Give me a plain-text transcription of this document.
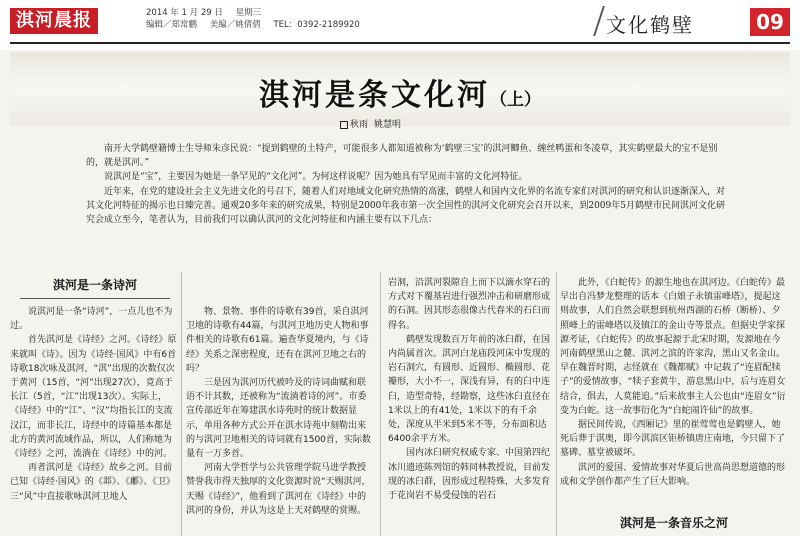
淇河晨报	2014 年 1 月 29 日 星期三
编辑／郑常鹏 美编／姚倩倩 TEL：0392-2189920	文化鹤壁	09
淇河是条文化河（上）
秋雨 姚慧明

南开大学鹤壁籍博士生导师朱彦民说：“提到鹤壁的土特产，可能很多人都知道被称为‘鹤壁三宝’的淇河鲫鱼、缠丝鸭蛋和冬凌草，其实鹤壁最大的宝不是别的，就是淇河。”

说淇河是“宝”，主要因为她是一条罕见的“文化河”。为何这样说呢？因为她具有罕见而丰富的文化河特征。

近年来，在党的建设社会主义先进文化的号召下，随着人们对地域文化研究热情的高涨，鹤壁人和国内文化界的名流专家们对淇河的研究和认识逐渐深入，对其文化河特征的揭示也日臻完善。通观20多年来的研究成果，特别是2000年我市第一次全国性的淇河文化研究会召开以来，到2009年5月鹤壁市民间淇河文化研究会成立至今，笔者认为，目前我们可以确认淇河的文化河特征和内涵主要有以下几点：

淇河是一条诗河

说淇河是一条“诗河”，一点儿也不为过。

首先淇河是《诗经》之河。《诗经》原来就叫《诗》。因为《诗经·国风》中有6首诗歌18次咏及淇河，“淇”出现的次数仅次于黄河（15首，“河”出现27次），竟高于长江（5首，“江”出现13次）。实际上，《诗经》中的“江”、“汉”均指长江的支流汉江，而非长江，诗经中的诗篇基本都是北方的黄河流域作品，所以，人们称她为《诗经》之河，流淌在《诗经》中的河。

再者淇河是《诗经》故乡之河。目前已知《诗经·国风》的《邶》、《鄘》、《卫》三“风”中直接歌咏淇河卫地人

物、景物、事件的诗歌有39首，采自淇河卫地的诗歌有44篇，与淇河卫地历史人物和事件相关的诗歌有61篇。遍查华夏境内，与《诗经》关系之深密程度，还有在淇河卫地之右的吗？

三是因为淇河历代被吟及的诗词曲赋和联语不计其数，还被称为“流淌着诗的河”。市委宣传部近年在筹建淇水诗苑时的统计数据显示，单用各种方式公开在淇水诗苑中刻勒出来的与淇河卫地相关的诗词就有1500首，实际数量有一万多首。

河南大学哲学与公共管理学院马进学教授赞誉我市得天独厚的文化资源时说“天赐淇河，天赐《诗经》”，他看到了淇河在《诗经》中的淇河的身份，并认为这是上天对鹤壁的赏赐。

岩洞，沿淇河裂隙自上而下以滴水穿石的方式对下覆基岩进行强烈冲击和研磨形成的石洞。因其形态很像古代春米的石臼而得名。

鹤壁发现数百万年前的冰臼群，在国内尚属首次。淇河白龙庙段河床中发现的岩石洞穴，有圆形、近圆形、椭圆形、花瓣形，大小不一，深浅有异，有的臼中连臼，造型奇特，经勘察，这些冰臼直径在1米以上的有41处，1米以下的有千余处，深度从半米到5米不等，分布面积达6400余平方米。

国内冰臼研究权威专家、中国第四纪冰川遗迹陈列馆的韩同林教授说，目前发现的冰臼群，因形成过程特殊，大多发育于花岗岩不易受侵蚀的岩石

此外，《白蛇传》的源生地也在淇河边。《白蛇传》最早出自冯梦龙整理的话本《白娘子永镇雷峰塔》，提起这则故事，人们自然会联想到杭州西湖的石桥（断桥）、夕照峰上的雷峰塔以及镇江的金山寺等景点。但据史学家探源考证，《白蛇传》的故事起源于北宋时期，发源地在今河南鹤壁黑山之麓、淇河之滨的许家沟，黑山又名金山。早在魏晋时期，志怪就在《魏都赋》中记载了“连眉配犊子”的爱情故事，“犊子套黄牛，游息黑山中，后与连眉女结合，俱去，人莫能追。”后来故事主人公也由“连眉女”衍变为白蛇。这一故事衍化为“白蛇闹许仙”的故事。

据民间传说，《西厢记》里的崔莺莺也是鹤壁人，她死后葬于淇奥，即今淇滨区钜桥镇唐庄南地，今只留下了墓碑、墓堂被破坏。

淇河的爱国、爱情故事对华夏后世高尚思想道德的形成和文学创作都产生了巨大影响。

淇河是一条音乐之河
